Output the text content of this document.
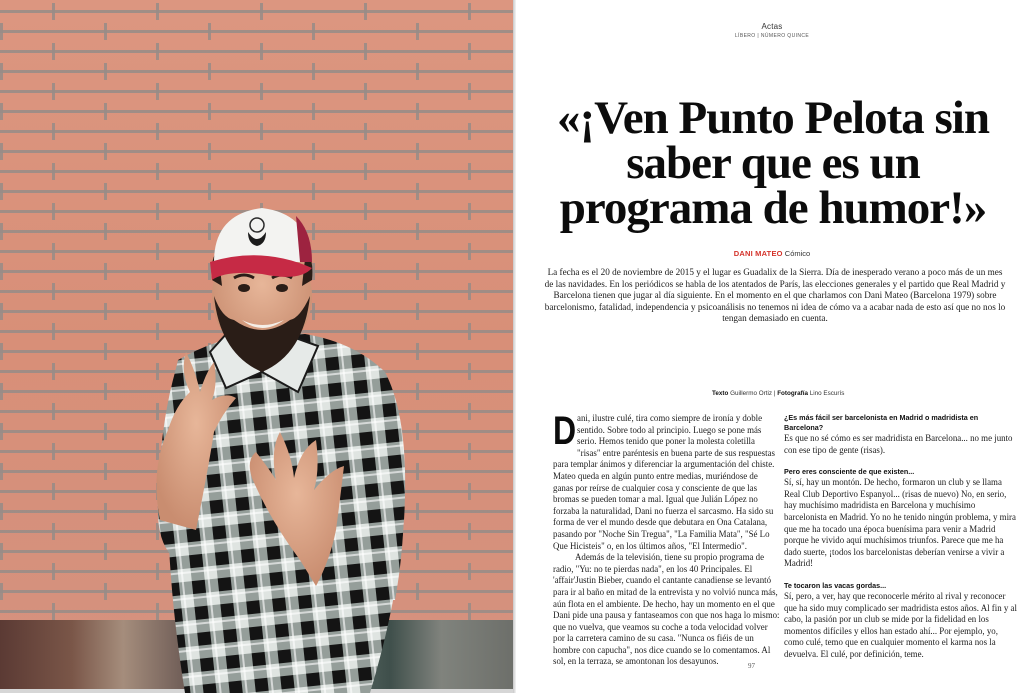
Actas
LÍBERO | NÚMERO QUINCE
«¡Ven Punto Pelota sin saber que es un programa de humor!»
DANI MATEO Cómico

La fecha es el 20 de noviembre de 2015 y el lugar es Guadalix de la Sierra. Día de inesperado verano a poco más de un mes de las navidades. En los periódicos se habla de los atentados de París, las elecciones generales y el partido que Real Madrid y Barcelona tienen que jugar al día siguiente. En el momento en el que charlamos con Dani Mateo (Barcelona 1979) sobre barcelonismo, fatalidad, independencia y psicoanálisis no tenemos ni idea de cómo va a acabar nada de esto así que no nos lo tengan demasiado en cuenta.

Texto Guillermo Ortiz | Fotografía Lino Escurís
D ani, ilustre culé, tira como siempre de ironía y doble sentido. Sobre todo al principio. Luego se pone más serio. Hemos tenido que poner la molesta coletilla "risas" entre paréntesis en buena parte de sus respuestas para templar ánimos y diferenciar la argumentación del chiste. Mateo queda en algún punto entre medias, muriéndose de ganas por reírse de cualquier cosa y consciente de que las bromas se pueden tomar a mal. Igual que Julián López no forzaba la naturalidad, Dani no fuerza el sarcasmo. Ha sido su forma de ver el mundo desde que debutara en Ona Catalana, pasando por "Noche Sin Tregua", "La Familia Mata", "Sé Lo Que Hicisteis" o, en los últimos años, "El Intermedio".

Además de la televisión, tiene su propio programa de radio, "Yu: no te pierdas nada", en los 40 Principales. El 'affair'Justin Bieber, cuando el cantante canadiense se levantó para ir al baño en mitad de la entrevista y no volvió nunca más, aún flota en el ambiente. De hecho, hay un momento en el que Dani pide una pausa y fantaseamos con que nos haga lo mismo: que no vuelva, que veamos su coche a toda velocidad volver por la carretera camino de su casa. "Nunca os fiéis de un hombre con capucha", nos dice cuando se lo comentamos. Al sol, en la terraza, se amontonan los desayunos.

¿Es más fácil ser barcelonista en Madrid o madridista en Barcelona?
Es que no sé cómo es ser madridista en Barcelona... no me junto con ese tipo de gente (risas).
Pero eres consciente de que existen...
Sí, sí, hay un montón. De hecho, formaron un club y se llama Real Club Deportivo Espanyol... (risas de nuevo) No, en serio, hay muchísimo madridista en Barcelona y muchísimo barcelonista en Madrid. Yo no he tenido ningún problema, y mira que me ha tocado una época buenísima para venir a Madrid porque he vivido aquí muchísimos triunfos. Parece que me ha dado suerte, ¡todos los barcelonistas deberían venirse a vivir a Madrid!
Te tocaron las vacas gordas...
Sí, pero, a ver, hay que reconocerle mérito al rival y reconocer que ha sido muy complicado ser madridista estos años. Al fin y al cabo, la pasión por un club se mide por la fidelidad en los momentos difíciles y ellos han estado ahí... Por ejemplo, yo, como culé, temo que en cualquier momento el karma nos la devuelva. El culé, por definición, teme.
97
